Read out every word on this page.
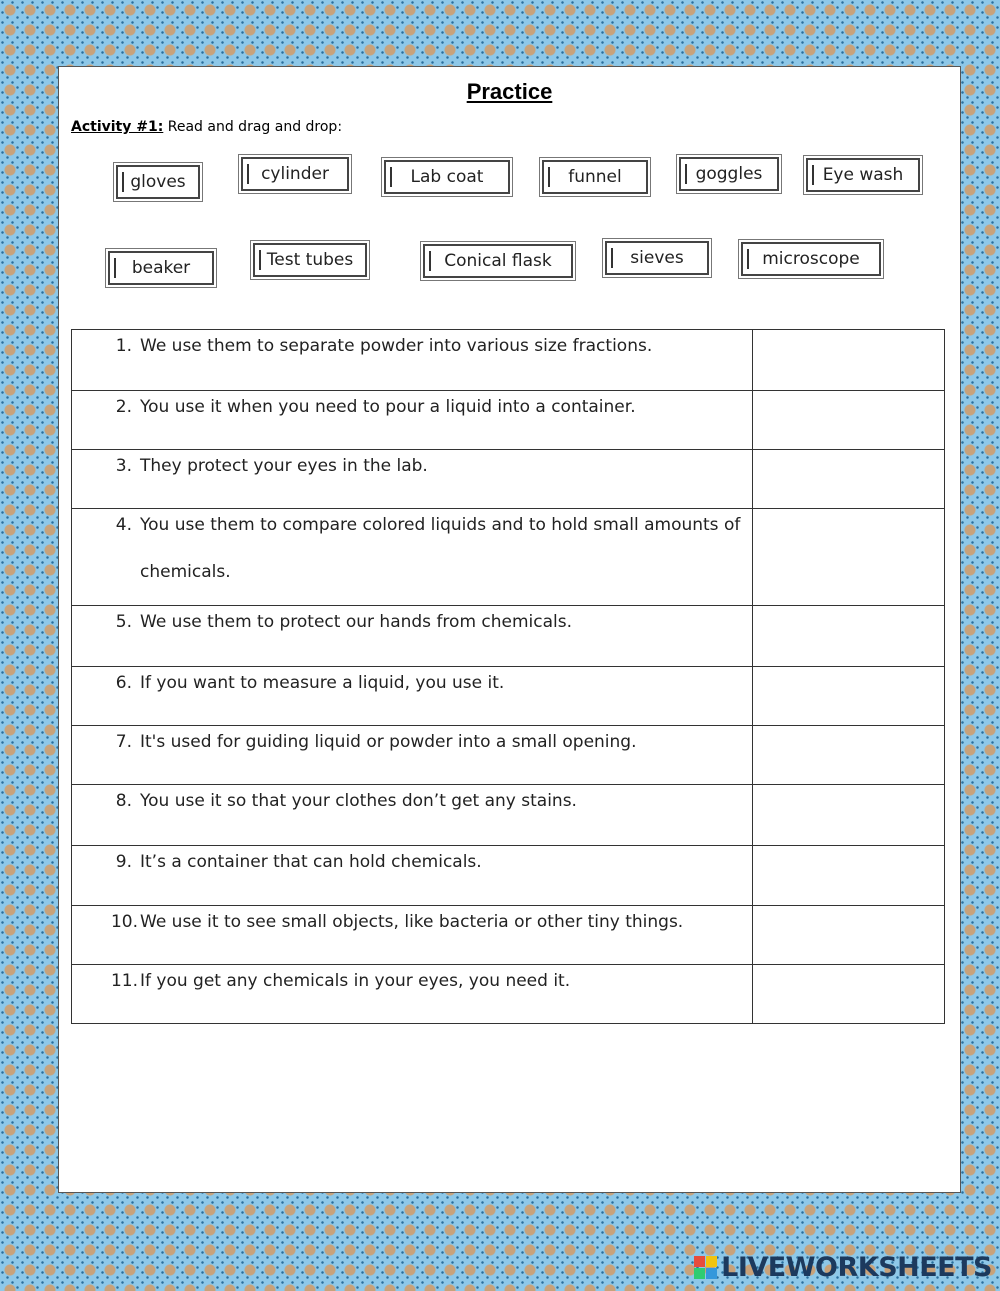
Practice
Activity #1: Read and drag and drop:
gloves	cylinder	Lab coat	funnel	goggles	Eye wash
beaker	Test tubes	Conical flask	sieves	microscope
1. We use them to separate powder into various size fractions.	

2. You use it when you need to pour a liquid into a container.	

3. They protect your eyes in the lab.	

4. You use them to compare colored liquids and to hold small amounts of chemicals.	

5. We use them to protect our hands from chemicals.	

6. If you want to measure a liquid, you use it.	

7. It's used for guiding liquid or powder into a small opening.	

8. You use it so that your clothes don’t get any stains.	

9. It’s a container that can hold chemicals.	

10. We use it to see small objects, like bacteria or other tiny things.	

11. If you get any chemicals in your eyes, you need it.	

LIVEWORKSHEETS
